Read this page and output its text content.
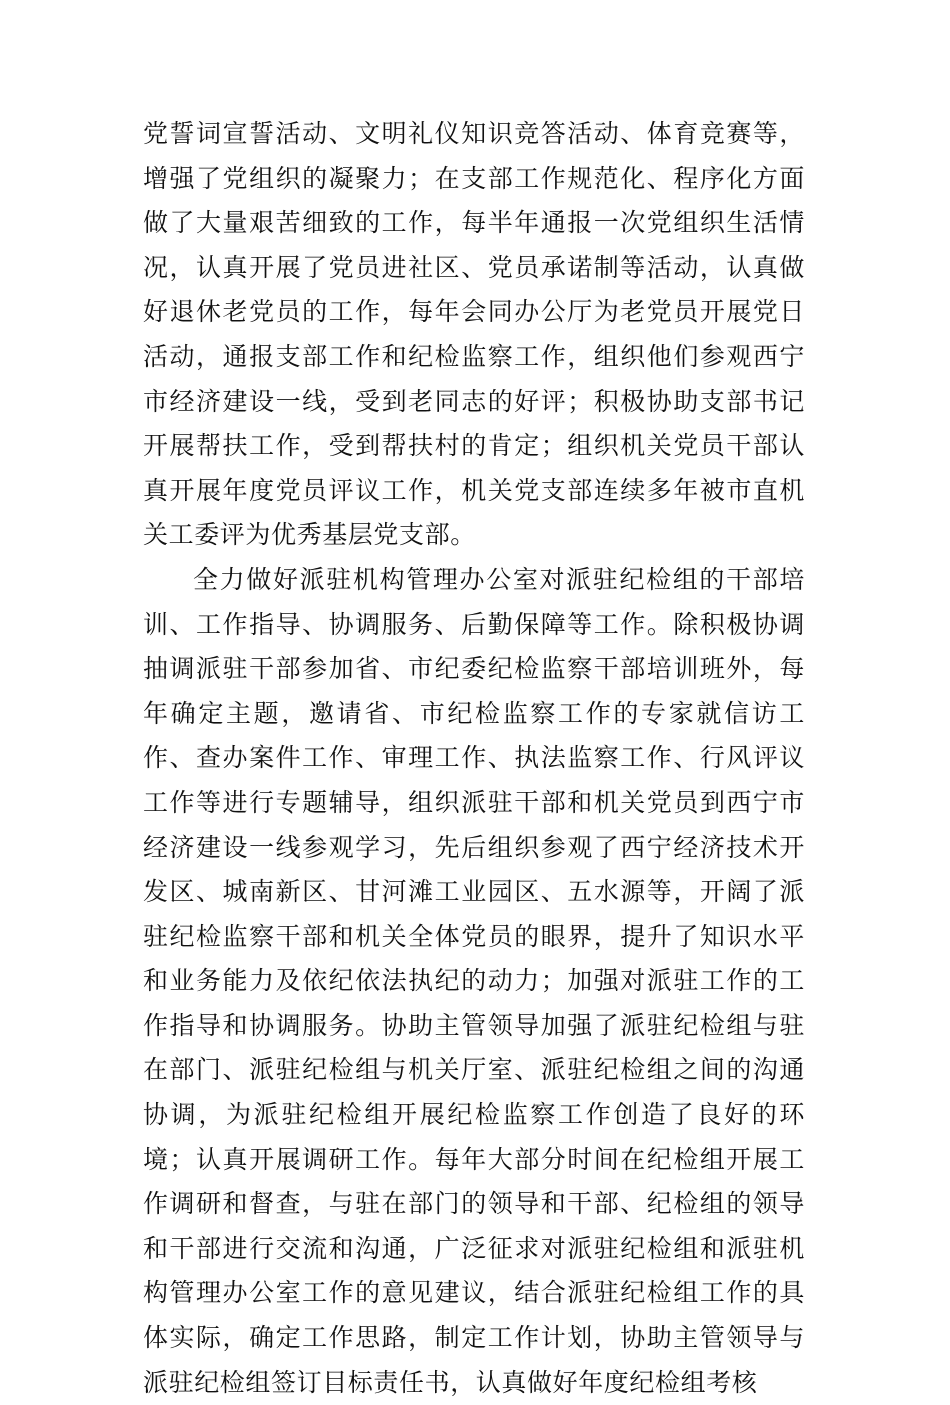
党誓词宣誓活动、文明礼仪知识竞答活动、体育竞赛等，增强了党组织的凝聚力；在支部工作规范化、程序化方面做了大量艰苦细致的工作，每半年通报一次党组织生活情况，认真开展了党员进社区、党员承诺制等活动，认真做好退休老党员的工作，每年会同办公厅为老党员开展党日活动，通报支部工作和纪检监察工作，组织他们参观西宁市经济建设一线，受到老同志的好评；积极协助支部书记开展帮扶工作，受到帮扶村的肯定；组织机关党员干部认真开展年度党员评议工作，机关党支部连续多年被市直机关工委评为优秀基层党支部。

全力做好派驻机构管理办公室对派驻纪检组的干部培训、工作指导、协调服务、后勤保障等工作。除积极协调抽调派驻干部参加省、市纪委纪检监察干部培训班外，每年确定主题，邀请省、市纪检监察工作的专家就信访工作、查办案件工作、审理工作、执法监察工作、行风评议工作等进行专题辅导，组织派驻干部和机关党员到西宁市经济建设一线参观学习，先后组织参观了西宁经济技术开发区、城南新区、甘河滩工业园区、五水源等，开阔了派驻纪检监察干部和机关全体党员的眼界，提升了知识水平和业务能力及依纪依法执纪的动力；加强对派驻工作的工作指导和协调服务。协助主管领导加强了派驻纪检组与驻在部门、派驻纪检组与机关厅室、派驻纪检组之间的沟通协调，为派驻纪检组开展纪检监察工作创造了良好的环境；认真开展调研工作。每年大部分时间在纪检组开展工作调研和督查，与驻在部门的领导和干部、纪检组的领导和干部进行交流和沟通，广泛征求对派驻纪检组和派驻机构管理办公室工作的意见建议，结合派驻纪检组工作的具体实际，确定工作思路，制定工作计划，协助主管领导与派驻纪检组签订目标责任书，认真做好年度纪检组考核
